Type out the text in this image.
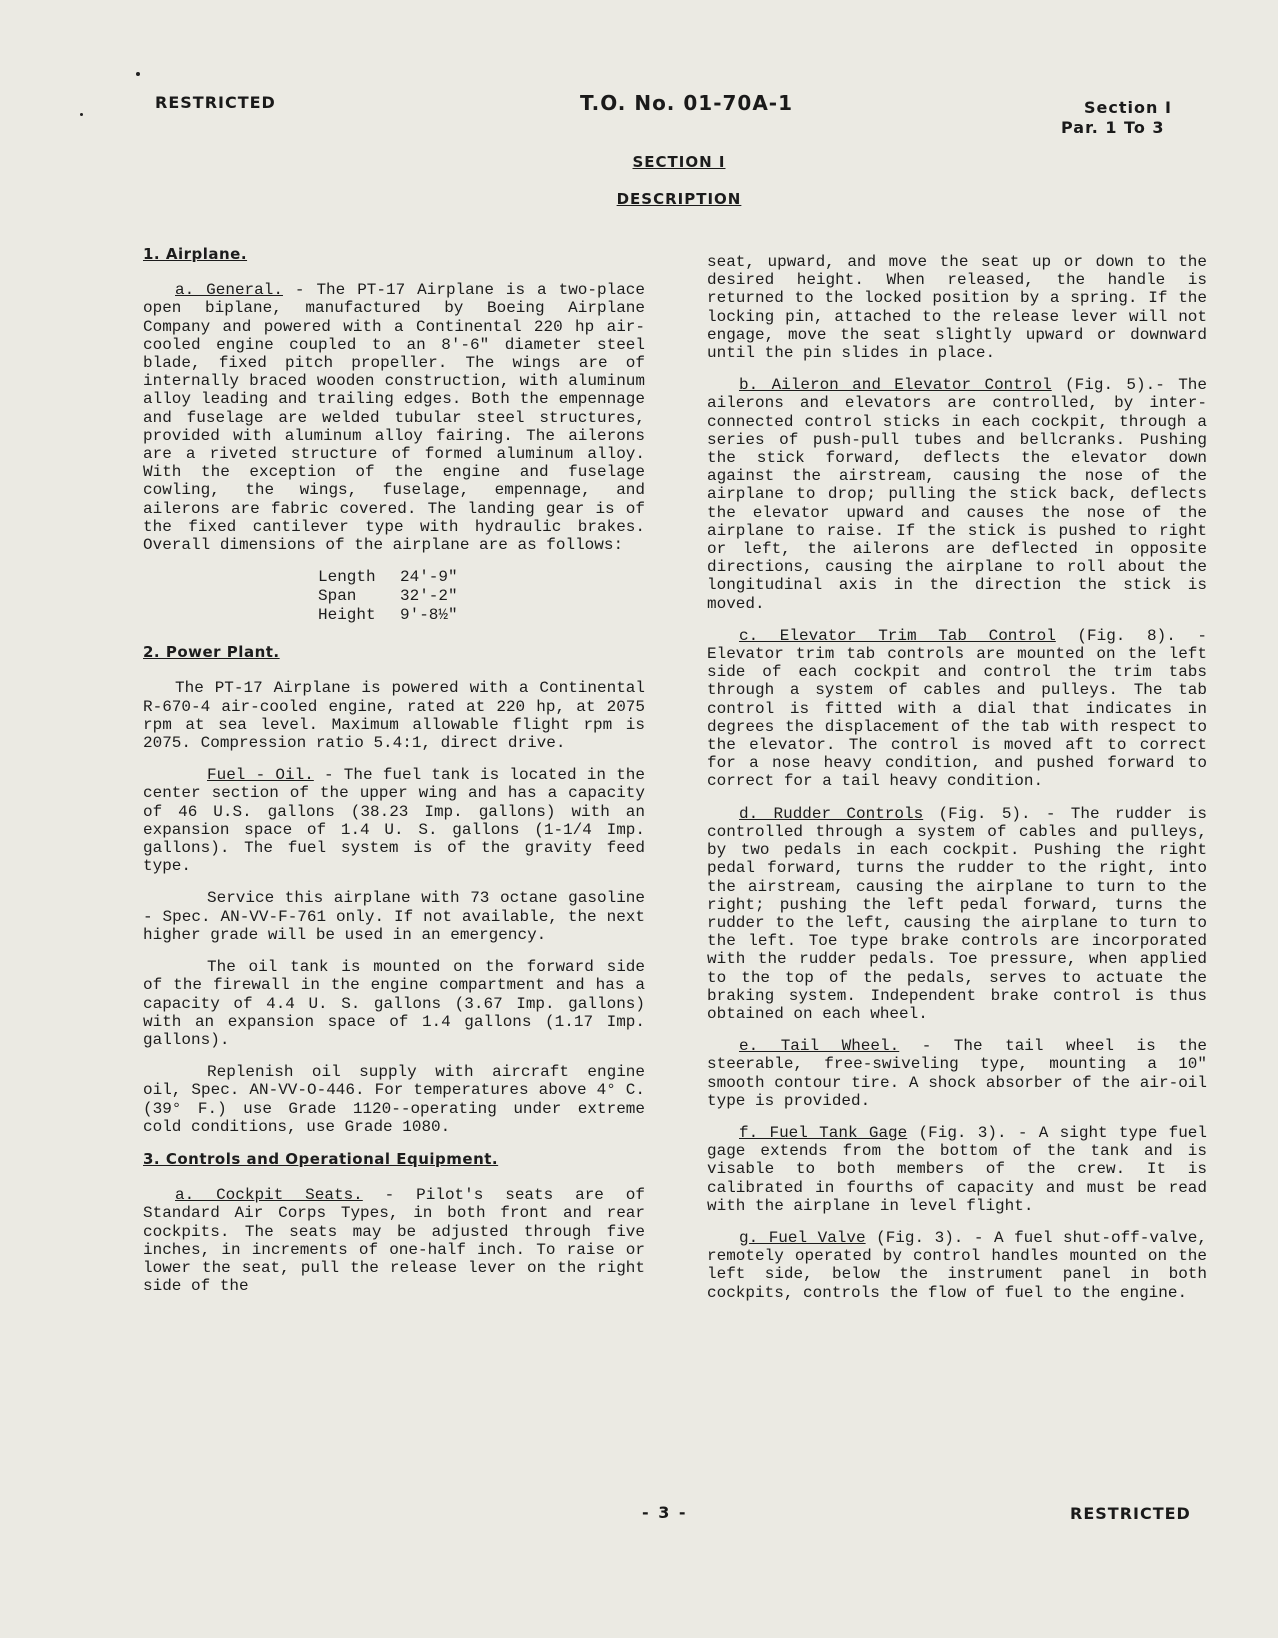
RESTRICTED	T.O. No. 01-70A-1	Section I
Par. 1 To 3
SECTION I
DESCRIPTION
1. Airplane.

a. General. - The PT-17 Airplane is a two-place open biplane, manufactured by Boeing Airplane Company and powered with a Continental 220 hp air-cooled engine coupled to an 8'-6" diameter steel blade, fixed pitch propeller. The wings are of internally braced wooden construction, with aluminum alloy leading and trailing edges. Both the empennage and fuselage are welded tubular steel structures, provided with aluminum alloy fairing. The ailerons are a riveted structure of formed aluminum alloy. With the exception of the engine and fuselage cowling, the wings, fuselage, empennage, and ailerons are fabric covered. The landing gear is of the fixed cantilever type with hydraulic brakes. Overall dimensions of the airplane are as follows:

Length	24'-9"
Span	32'-2"
Height	9'-8½"
2. Power Plant.

The PT-17 Airplane is powered with a Continental R-670-4 air-cooled engine, rated at 220 hp, at 2075 rpm at sea level. Maximum allowable flight rpm is 2075. Compression ratio 5.4:1, direct drive.

Fuel - Oil. - The fuel tank is located in the center section of the upper wing and has a capacity of 46 U.S. gallons (38.23 Imp. gallons) with an expansion space of 1.4 U. S. gallons (1-1/4 Imp. gallons). The fuel system is of the gravity feed type.

Service this airplane with 73 octane gasoline - Spec. AN-VV-F-761 only. If not available, the next higher grade will be used in an emergency.

The oil tank is mounted on the forward side of the firewall in the engine compartment and has a capacity of 4.4 U. S. gallons (3.67 Imp. gallons) with an expansion space of 1.4 gallons (1.17 Imp. gallons).

Replenish oil supply with aircraft engine oil, Spec. AN-VV-O-446. For temperatures above 4° C. (39° F.) use Grade 1120--operating under extreme cold conditions, use Grade 1080.

3. Controls and Operational Equipment.

a. Cockpit Seats. - Pilot's seats are of Standard Air Corps Types, in both front and rear cockpits. The seats may be adjusted through five inches, in increments of one-half inch. To raise or lower the seat, pull the release lever on the right side of the

seat, upward, and move the seat up or down to the desired height. When released, the handle is returned to the locked position by a spring. If the locking pin, attached to the release lever will not engage, move the seat slightly upward or downward until the pin slides in place.

b. Aileron and Elevator Control (Fig. 5).- The ailerons and elevators are controlled, by inter-connected control sticks in each cockpit, through a series of push-pull tubes and bellcranks. Pushing the stick forward, deflects the elevator down against the airstream, causing the nose of the airplane to drop; pulling the stick back, deflects the elevator upward and causes the nose of the airplane to raise. If the stick is pushed to right or left, the ailerons are deflected in opposite directions, causing the airplane to roll about the longitudinal axis in the direction the stick is moved.

c. Elevator Trim Tab Control (Fig. 8). - Elevator trim tab controls are mounted on the left side of each cockpit and control the trim tabs through a system of cables and pulleys. The tab control is fitted with a dial that indicates in degrees the displacement of the tab with respect to the elevator. The control is moved aft to correct for a nose heavy condition, and pushed forward to correct for a tail heavy condition.

d. Rudder Controls (Fig. 5). - The rudder is controlled through a system of cables and pulleys, by two pedals in each cockpit. Pushing the right pedal forward, turns the rudder to the right, into the airstream, causing the airplane to turn to the right; pushing the left pedal forward, turns the rudder to the left, causing the airplane to turn to the left. Toe type brake controls are incorporated with the rudder pedals. Toe pressure, when applied to the top of the pedals, serves to actuate the braking system. Independent brake control is thus obtained on each wheel.

e. Tail Wheel. - The tail wheel is the steerable, free-swiveling type, mounting a 10" smooth contour tire. A shock absorber of the air-oil type is provided.

f. Fuel Tank Gage (Fig. 3). - A sight type fuel gage extends from the bottom of the tank and is visable to both members of the crew. It is calibrated in fourths of capacity and must be read with the airplane in level flight.

g. Fuel Valve (Fig. 3). - A fuel shut-off-valve, remotely operated by control handles mounted on the left side, below the instrument panel in both cockpits, controls the flow of fuel to the engine.

- 3 -	RESTRICTED
